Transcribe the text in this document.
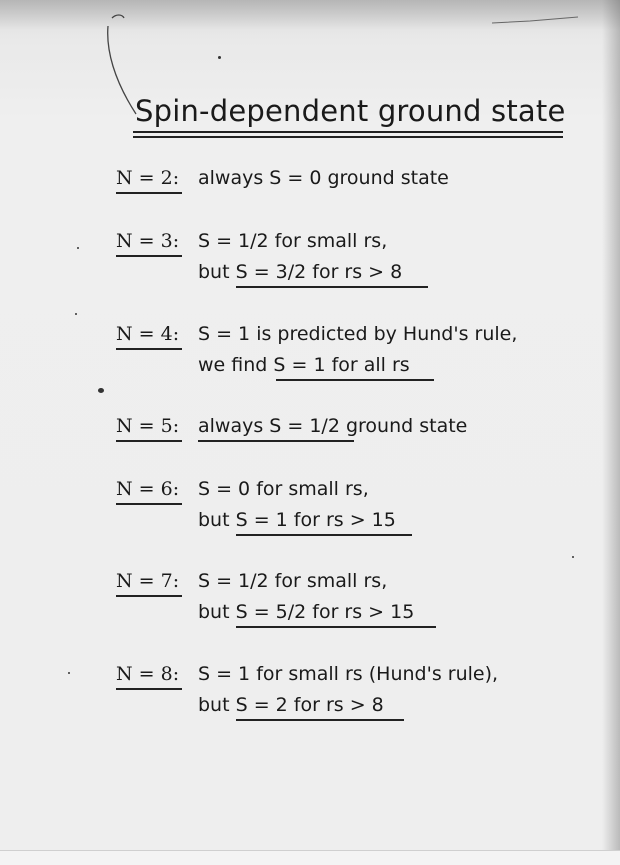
Spin-dependent ground state
N = 2: always S = 0 ground state
N = 3: S = 1/2 for small rs,
but S = 3/2 for rs > 8
N = 4: S = 1 is predicted by Hund's rule,
we find S = 1 for all rs
N = 5: always S = 1/2 ground state
N = 6: S = 0 for small rs,
but S = 1 for rs > 15
N = 7: S = 1/2 for small rs,
but S = 5/2 for rs > 15
N = 8: S = 1 for small rs (Hund's rule),
but S = 2 for rs > 8
